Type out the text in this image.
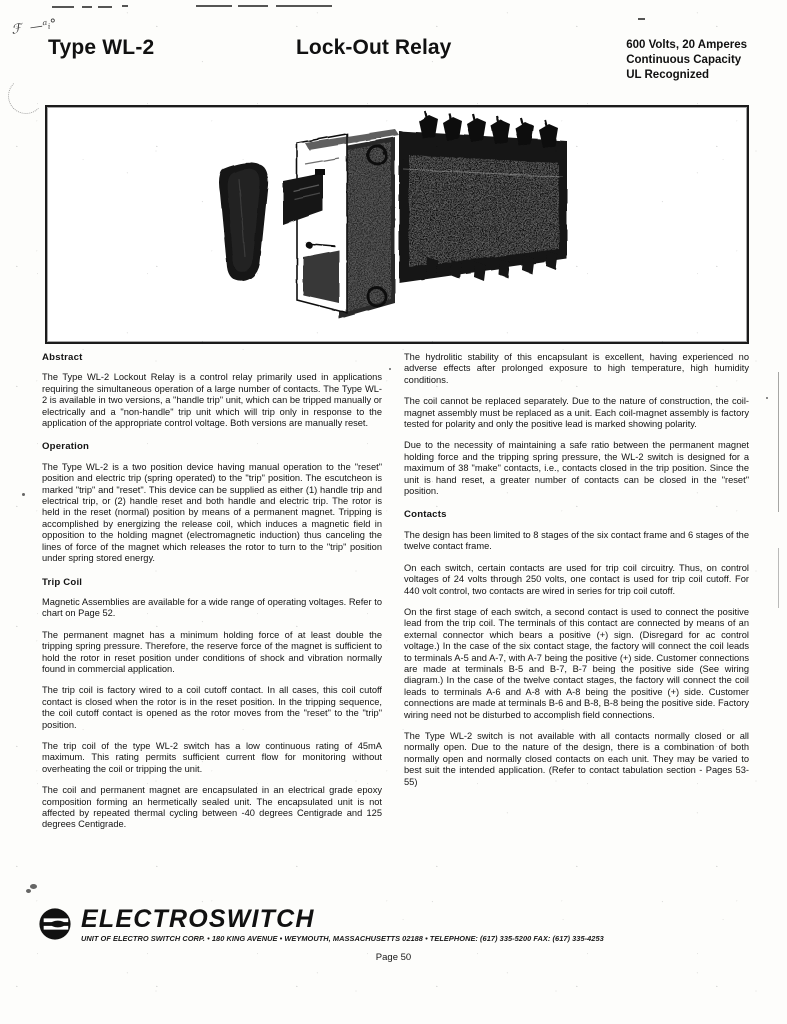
ℱ  —ᵃᵢ°
Type WL-2	Lock-Out Relay	600 Volts, 20 Amperes
Continuous Capacity
UL Recognized
Abstract

The Type WL-2 Lockout Relay is a control relay primarily used in applications requiring the simultaneous operation of a large number of contacts. The Type WL-2 is available in two versions, a "handle trip" unit, which can be tripped manually or electrically and a "non-handle" trip unit which will trip only in response to the application of the appropriate control voltage. Both versions are manually reset.

Operation

The Type WL-2 is a two position device having manual operation to the "reset" position and electric trip (spring operated) to the "trip" position. The escutcheon is marked "trip" and "reset". This device can be supplied as either (1) handle trip and electrical trip, or (2) handle reset and both handle and electric trip. The rotor is held in the reset (normal) position by means of a permanent magnet. Tripping is accomplished by energizing the release coil, which induces a magnetic field in opposition to the holding magnet (electromagnetic induction) thus canceling the lines of force of the magnet which releases the rotor to turn to the "trip" position under spring stored energy.

Trip Coil

Magnetic Assemblies are available for a wide range of operating voltages. Refer to chart on Page 52.

The permanent magnet has a minimum holding force of at least double the tripping spring pressure. Therefore, the reserve force of the magnet is sufficient to hold the rotor in reset position under conditions of shock and vibration normally found in commercial application.

The trip coil is factory wired to a coil cutoff contact. In all cases, this coil cutoff contact is closed when the rotor is in the reset position. In the tripping sequence, the coil cutoff contact is opened as the rotor moves from the "reset" to the "trip" position.

The trip coil of the type WL-2 switch has a low continuous rating of 45mA maximum. This rating permits sufficient current flow for monitoring without overheating the coil or tripping the unit.

The coil and permanent magnet are encapsulated in an electrical grade epoxy composition forming an hermetically sealed unit. The encapsulated unit is not affected by repeated thermal cycling between -40 degrees Centigrade and 125 degrees Centigrade.

The hydrolitic stability of this encapsulant is excellent, having experienced no adverse effects after prolonged exposure to high temperature, high humidity conditions.

The coil cannot be replaced separately. Due to the nature of construction, the coil-magnet assembly must be replaced as a unit. Each coil-magnet assembly is factory tested for polarity and only the positive lead is marked showing polarity.

Due to the necessity of maintaining a safe ratio between the permanent magnet holding force and the tripping spring pressure, the WL-2 switch is designed for a maximum of 38 "make" contacts, i.e., contacts closed in the trip position. Since the unit is hand reset, a greater number of contacts can be closed in the "reset" position.

Contacts

The design has been limited to 8 stages of the six contact frame and 6 stages of the twelve contact frame.

On each switch, certain contacts are used for trip coil circuitry. Thus, on control voltages of 24 volts through 250 volts, one contact is used for trip coil cutoff. For 440 volt control, two contacts are wired in series for trip coil cutoff.

On the first stage of each switch, a second contact is used to connect the positive lead from the trip coil. The terminals of this contact are connected by means of an external connector which bears a positive (+) sign. (Disregard for ac control voltage.) In the case of the six contact stage, the factory will connect the coil leads to terminals A-5 and A-7, with A-7 being the positive (+) side. Customer connections are made at terminals B-5 and B-7, B-7 being the positive side (See wiring diagram.) In the case of the twelve contact stages, the factory will connect the coil leads to terminals A-6 and A-8 with A-8 being the positive (+) side. Customer connections are made at terminals B-6 and B-8, B-8 being the positive side. Factory wiring need not be disturbed to accomplish field connections.

The Type WL-2 switch is not available with all contacts normally closed or all normally open. Due to the nature of the design, there is a combination of both normally open and normally closed contacts on each unit. They may be varied to best suit the intended application. (Refer to contact tabulation section - Pages 53-55)

ELECTROSWITCH
UNIT OF ELECTRO SWITCH CORP. • 180 KING AVENUE • WEYMOUTH, MASSACHUSETTS 02188 • TELEPHONE: (617) 335-5200 FAX: (617) 335-4253
Page 50
